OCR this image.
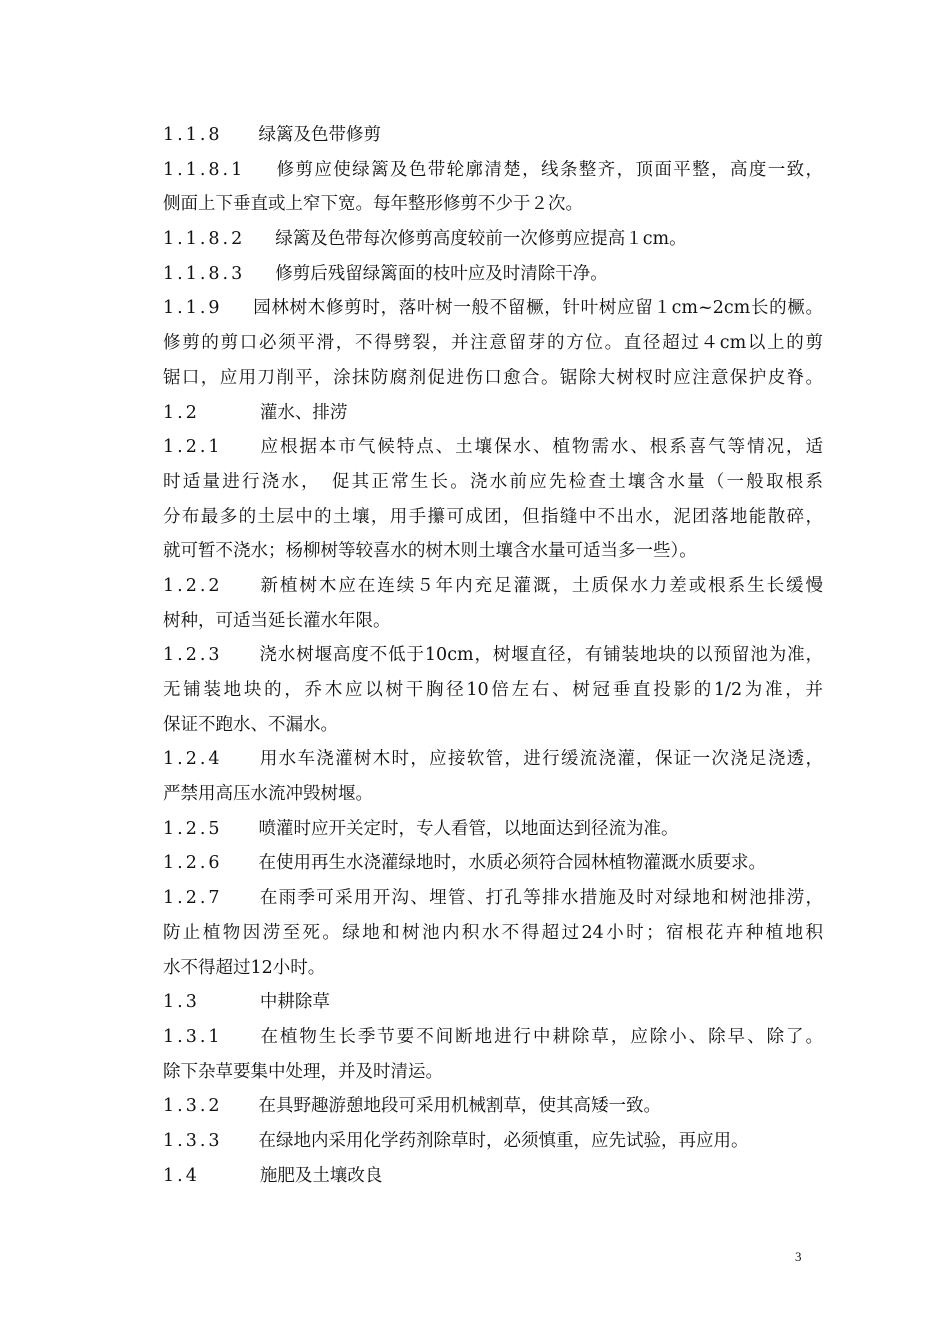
1.1.8 绿篱及色带修剪
1.1.8.1 修剪应使绿篱及色带轮廓清楚，线条整齐，顶面平整，高度一致，
侧面上下垂直或上窄下宽。每年整形修剪不少于２次。
1.1.8.2 绿篱及色带每次修剪高度较前一次修剪应提高１cm。
1.1.8.3 修剪后残留绿篱面的枝叶应及时清除干净。
1.1.9 园林树木修剪时，落叶树一般不留橛，针叶树应留１cm~2cm长的橛。
修剪的剪口必须平滑，不得劈裂，并注意留芽的方位。直径超过４cm以上的剪
锯口，应用刀削平，涂抹防腐剂促进伤口愈合。锯除大树杈时应注意保护皮脊。
1.2	灌水、排涝
1.2.1 应根据本市气候特点、土壤保水、植物需水、根系喜气等情况，适
时适量进行浇水，　促其正常生长。浇水前应先检查土壤含水量（一般取根系
分布最多的土层中的土壤，用手攥可成团，但指缝中不出水，泥团落地能散碎，
就可暂不浇水；杨柳树等较喜水的树木则土壤含水量可适当多一些）。
1.2.2 新植树木应在连续５年内充足灌溉，土质保水力差或根系生长缓慢
树种，可适当延长灌水年限。
1.2.3 浇水树堰高度不低于10cm，树堰直径，有铺装地块的以预留池为准，
无铺装地块的，乔木应以树干胸径10倍左右、树冠垂直投影的1/2为准，并
保证不跑水、不漏水。
1.2.4 用水车浇灌树木时，应接软管，进行缓流浇灌，保证一次浇足浇透，
严禁用高压水流冲毁树堰。
1.2.5 喷灌时应开关定时，专人看管，以地面达到径流为准。
1.2.6 在使用再生水浇灌绿地时，水质必须符合园林植物灌溉水质要求。
1.2.7 在雨季可采用开沟、埋管、打孔等排水措施及时对绿地和树池排涝，
防止植物因涝至死。绿地和树池内积水不得超过24小时；宿根花卉种植地积
水不得超过12小时。
1.3	中耕除草
1.3.1 在植物生长季节要不间断地进行中耕除草，应除小、除早、除了。
除下杂草要集中处理，并及时清运。
1.3.2 在具野趣游憩地段可采用机械割草，使其高矮一致。
1.3.3 在绿地内采用化学药剂除草时，必须慎重，应先试验，再应用。
1.4	施肥及土壤改良
3
